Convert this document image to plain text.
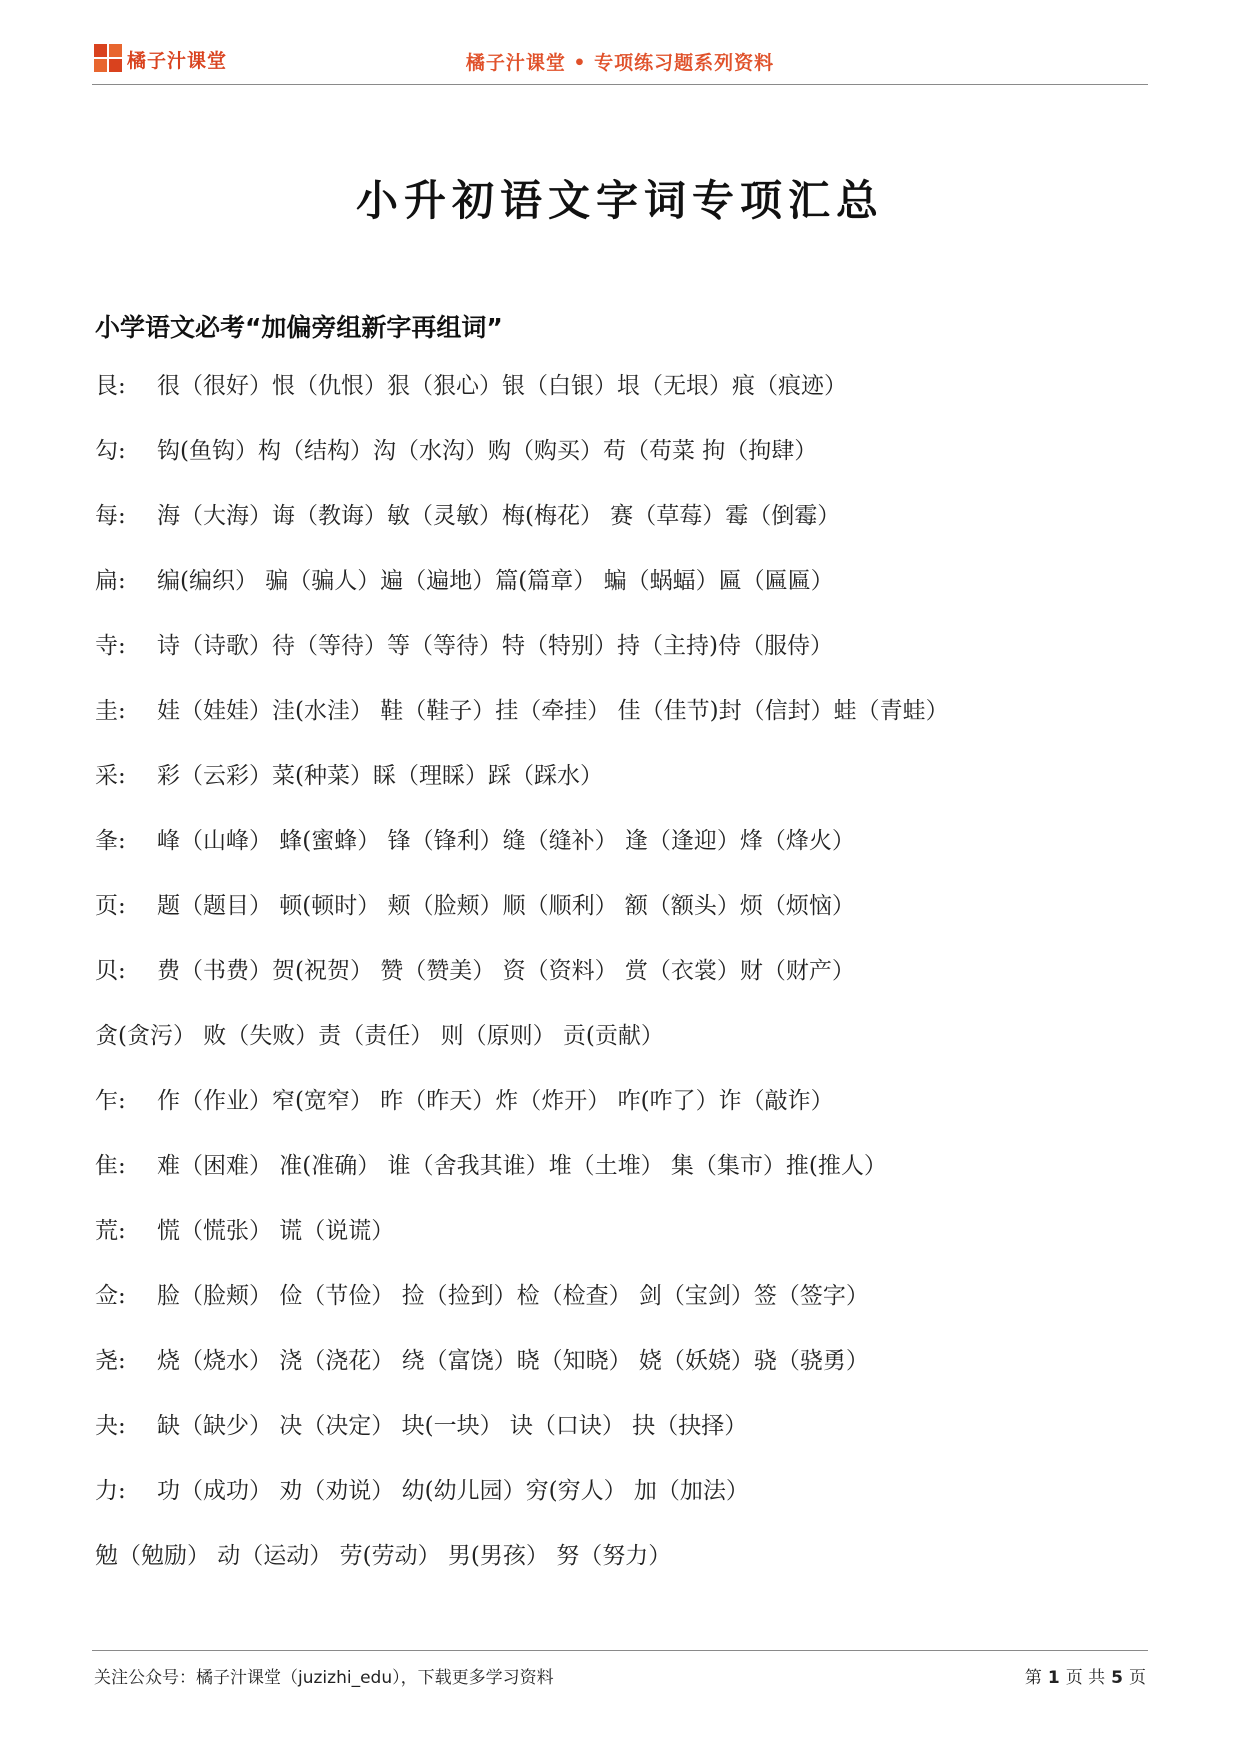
橘子汁课堂	橘子汁课堂 • 专项练习题系列资料
小升初语文字词专项汇总
小学语文必考“加偏旁组新字再组词”
艮:	很（很好）恨（仇恨）狠（狠心）银（白银）垠（无垠）痕（痕迹）
勾:	钩(鱼钩）构（结构）沟（水沟）购（购买）苟（苟菜 拘（拘肆）
每:	海（大海）诲（教诲）敏（灵敏）梅(梅花） 赛（草莓）霉（倒霉）
扁:	编(编织） 骗（骗人）遍（遍地）篇(篇章） 蝙（蜗蝠）匾（匾匾）
寺:	诗（诗歌）待（等待）等（等待）特（特别）持（主持)侍（服侍）
圭:	娃（娃娃）洼(水洼） 鞋（鞋子）挂（牵挂） 佳（佳节)封（信封）蛙（青蛙）
采:	彩（云彩）菜(种菜）睬（理睬）踩（踩水）
夆:	峰（山峰） 蜂(蜜蜂） 锋（锋利）缝（缝补） 逢（逢迎）烽（烽火）
页:	题（题目） 顿(顿时） 颊（脸颊）顺（顺利） 额（额头）烦（烦恼）
贝:	费（书费）贺(祝贺） 赞（赞美） 资（资料） 赏（衣裳）财（财产）
贪(贪污） 败（失败）责（责任） 则（原则） 贡(贡献）
乍:	作（作业）窄(宽窄） 昨（昨天）炸（炸开） 咋(咋了）诈（敲诈）
隹:	难（困难） 准(准确） 谁（舍我其谁）堆（土堆） 集（集市）推(推人）
荒:	慌（慌张） 谎（说谎）
佥:	脸（脸颊） 俭（节俭） 捡（捡到）检（检查） 剑（宝剑）签（签字）
尧:	烧（烧水） 浇（浇花） 绕（富饶）晓（知晓） 娆（妖娆）骁（骁勇）
夬:	缺（缺少） 决（决定） 块(一块） 诀（口诀） 抉（抉择）
力:	功（成功） 劝（劝说） 幼(幼儿园）穷(穷人） 加（加法）
勉（勉励） 动（运动） 劳(劳动） 男(男孩） 努（努力）
关注公众号：橘子汁课堂（juzizhi_edu），下载更多学习资料	第 1 页 共 5 页
